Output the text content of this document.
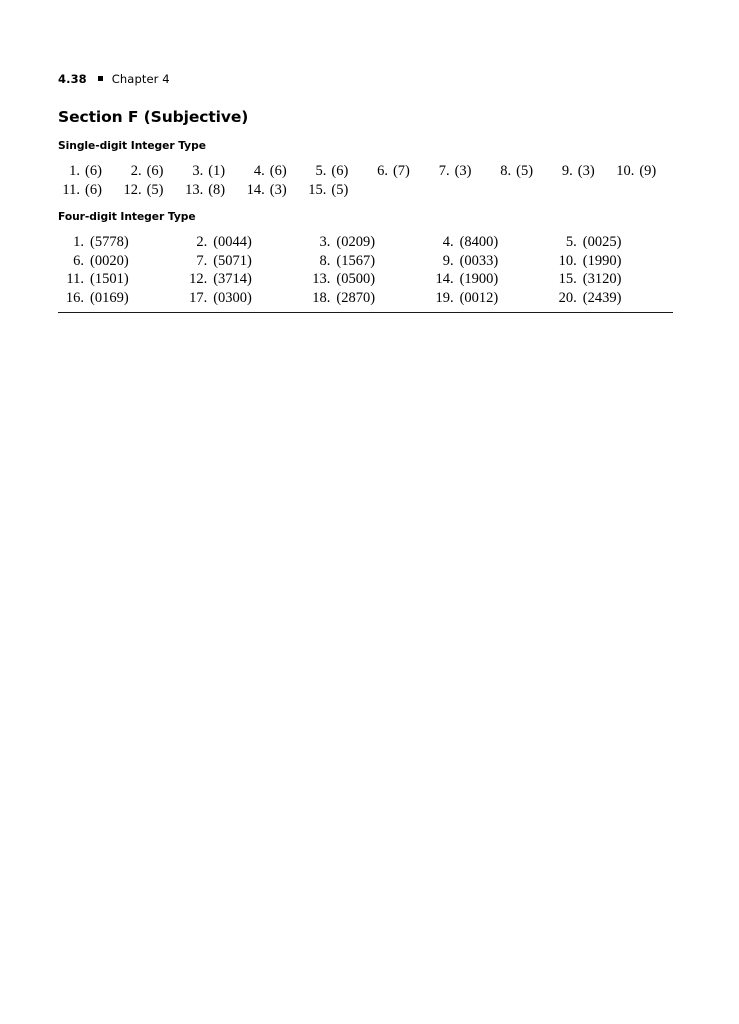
4.38 Chapter 4
Section F (Subjective)
Single-digit Integer Type
1. (6)	2. (6)	3. (1)	4. (6)	5. (6)	6. (7)	7. (3)	8. (5)	9. (3) 10. (9)
11. (6) 12. (5) 13. (8) 14. (3) 15. (5)
Four-digit Integer Type
1. (5778)	2. (0044)	3. (0209)	4. (8400)	5. (0025)
6. (0020)	7. (5071)	8. (1567)	9. (0033)	10. (1990)
11. (1501)	12. (3714)	13. (0500)	14. (1900)	15. (3120)
16. (0169)	17. (0300)	18. (2870)	19. (0012)	20. (2439)
